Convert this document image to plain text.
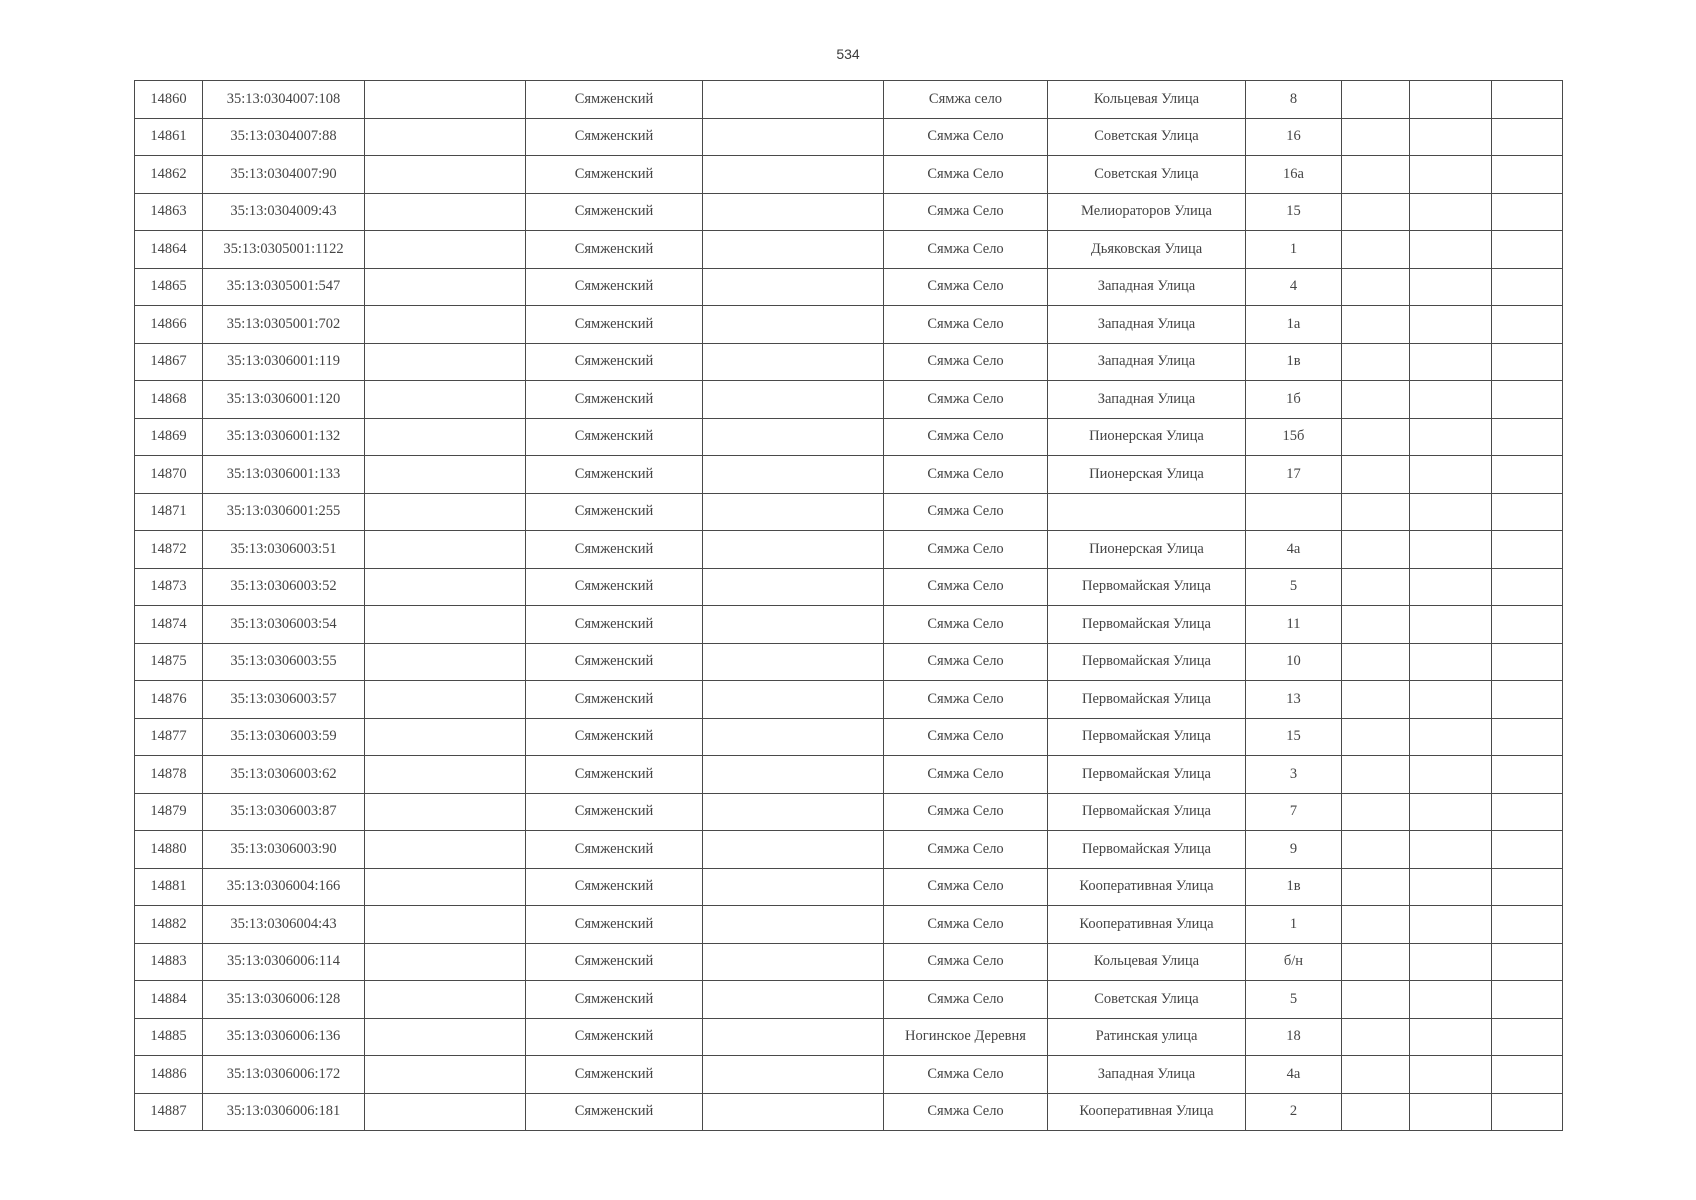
534
14860	35:13:0304007:108		Сямженский		Сямжа село	Кольцевая Улица	8			
14861	35:13:0304007:88		Сямженский		Сямжа Село	Советская Улица	16			
14862	35:13:0304007:90		Сямженский		Сямжа Село	Советская Улица	16а			
14863	35:13:0304009:43		Сямженский		Сямжа Село	Мелиораторов Улица	15			
14864	35:13:0305001:1122		Сямженский		Сямжа Село	Дьяковская Улица	1			
14865	35:13:0305001:547		Сямженский		Сямжа Село	Западная Улица	4			
14866	35:13:0305001:702		Сямженский		Сямжа Село	Западная Улица	1а			
14867	35:13:0306001:119		Сямженский		Сямжа Село	Западная Улица	1в			
14868	35:13:0306001:120		Сямженский		Сямжа Село	Западная Улица	1б			
14869	35:13:0306001:132		Сямженский		Сямжа Село	Пионерская Улица	15б			
14870	35:13:0306001:133		Сямженский		Сямжа Село	Пионерская Улица	17			
14871	35:13:0306001:255		Сямженский		Сямжа Село					
14872	35:13:0306003:51		Сямженский		Сямжа Село	Пионерская Улица	4а			
14873	35:13:0306003:52		Сямженский		Сямжа Село	Первомайская Улица	5			
14874	35:13:0306003:54		Сямженский		Сямжа Село	Первомайская Улица	11			
14875	35:13:0306003:55		Сямженский		Сямжа Село	Первомайская Улица	10			
14876	35:13:0306003:57		Сямженский		Сямжа Село	Первомайская Улица	13			
14877	35:13:0306003:59		Сямженский		Сямжа Село	Первомайская Улица	15			
14878	35:13:0306003:62		Сямженский		Сямжа Село	Первомайская Улица	3			
14879	35:13:0306003:87		Сямженский		Сямжа Село	Первомайская Улица	7			
14880	35:13:0306003:90		Сямженский		Сямжа Село	Первомайская Улица	9			
14881	35:13:0306004:166		Сямженский		Сямжа Село	Кооперативная Улица	1в			
14882	35:13:0306004:43		Сямженский		Сямжа Село	Кооперативная Улица	1			
14883	35:13:0306006:114		Сямженский		Сямжа Село	Кольцевая Улица	б/н			
14884	35:13:0306006:128		Сямженский		Сямжа Село	Советская Улица	5			
14885	35:13:0306006:136		Сямженский		Ногинское Деревня	Ратинская улица	18			
14886	35:13:0306006:172		Сямженский		Сямжа Село	Западная Улица	4а			
14887	35:13:0306006:181		Сямженский		Сямжа Село	Кооперативная Улица	2			
